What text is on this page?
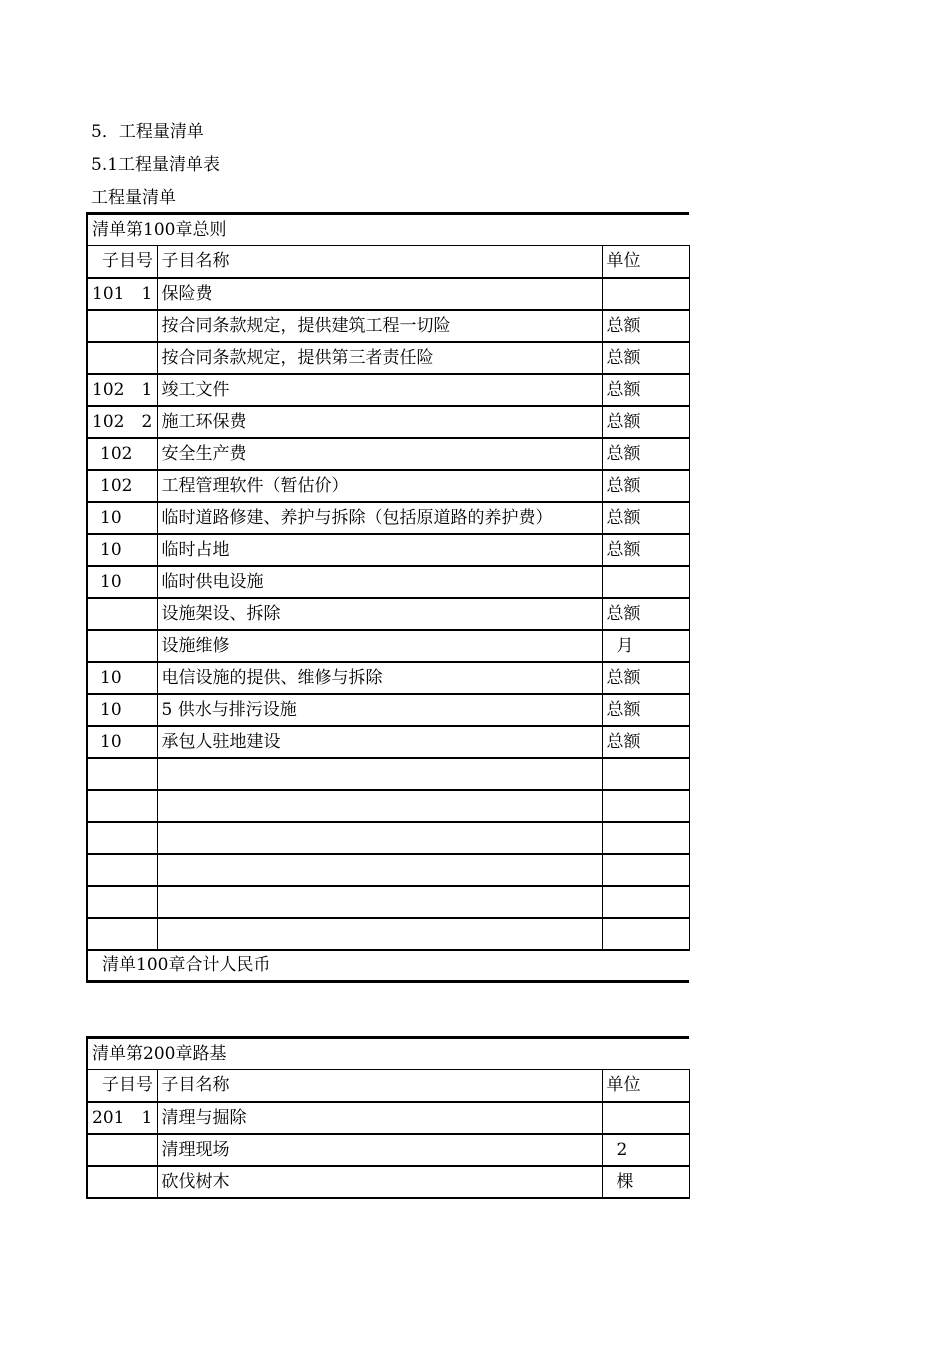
5．工程量清单
5.1工程量清单表
工程量清单
清单第100章总则		
子目号	子目名称	单位
101　1	保险费	
	按合同条款规定，提供建筑工程一切险	总额
	按合同条款规定，提供第三者责任险	总额
102　1	竣工文件	总额
102　2	施工环保费	总额
102	安全生产费	总额
102	工程管理软件（暂估价）	总额
10	临时道路修建、养护与拆除（包括原道路的养护费）	总额
10	临时占地	总额
10	临时供电设施	
	设施架设、拆除	总额
	设施维修	月
10	电信设施的提供、维修与拆除	总额
10	5 供水与排污设施	总额
10	承包人驻地建设	总额

清单100章合计人民币		
清单第200章路基		
子目号	子目名称	单位
201　1	清理与掘除	
	清理现场	2
	砍伐树木	棵
